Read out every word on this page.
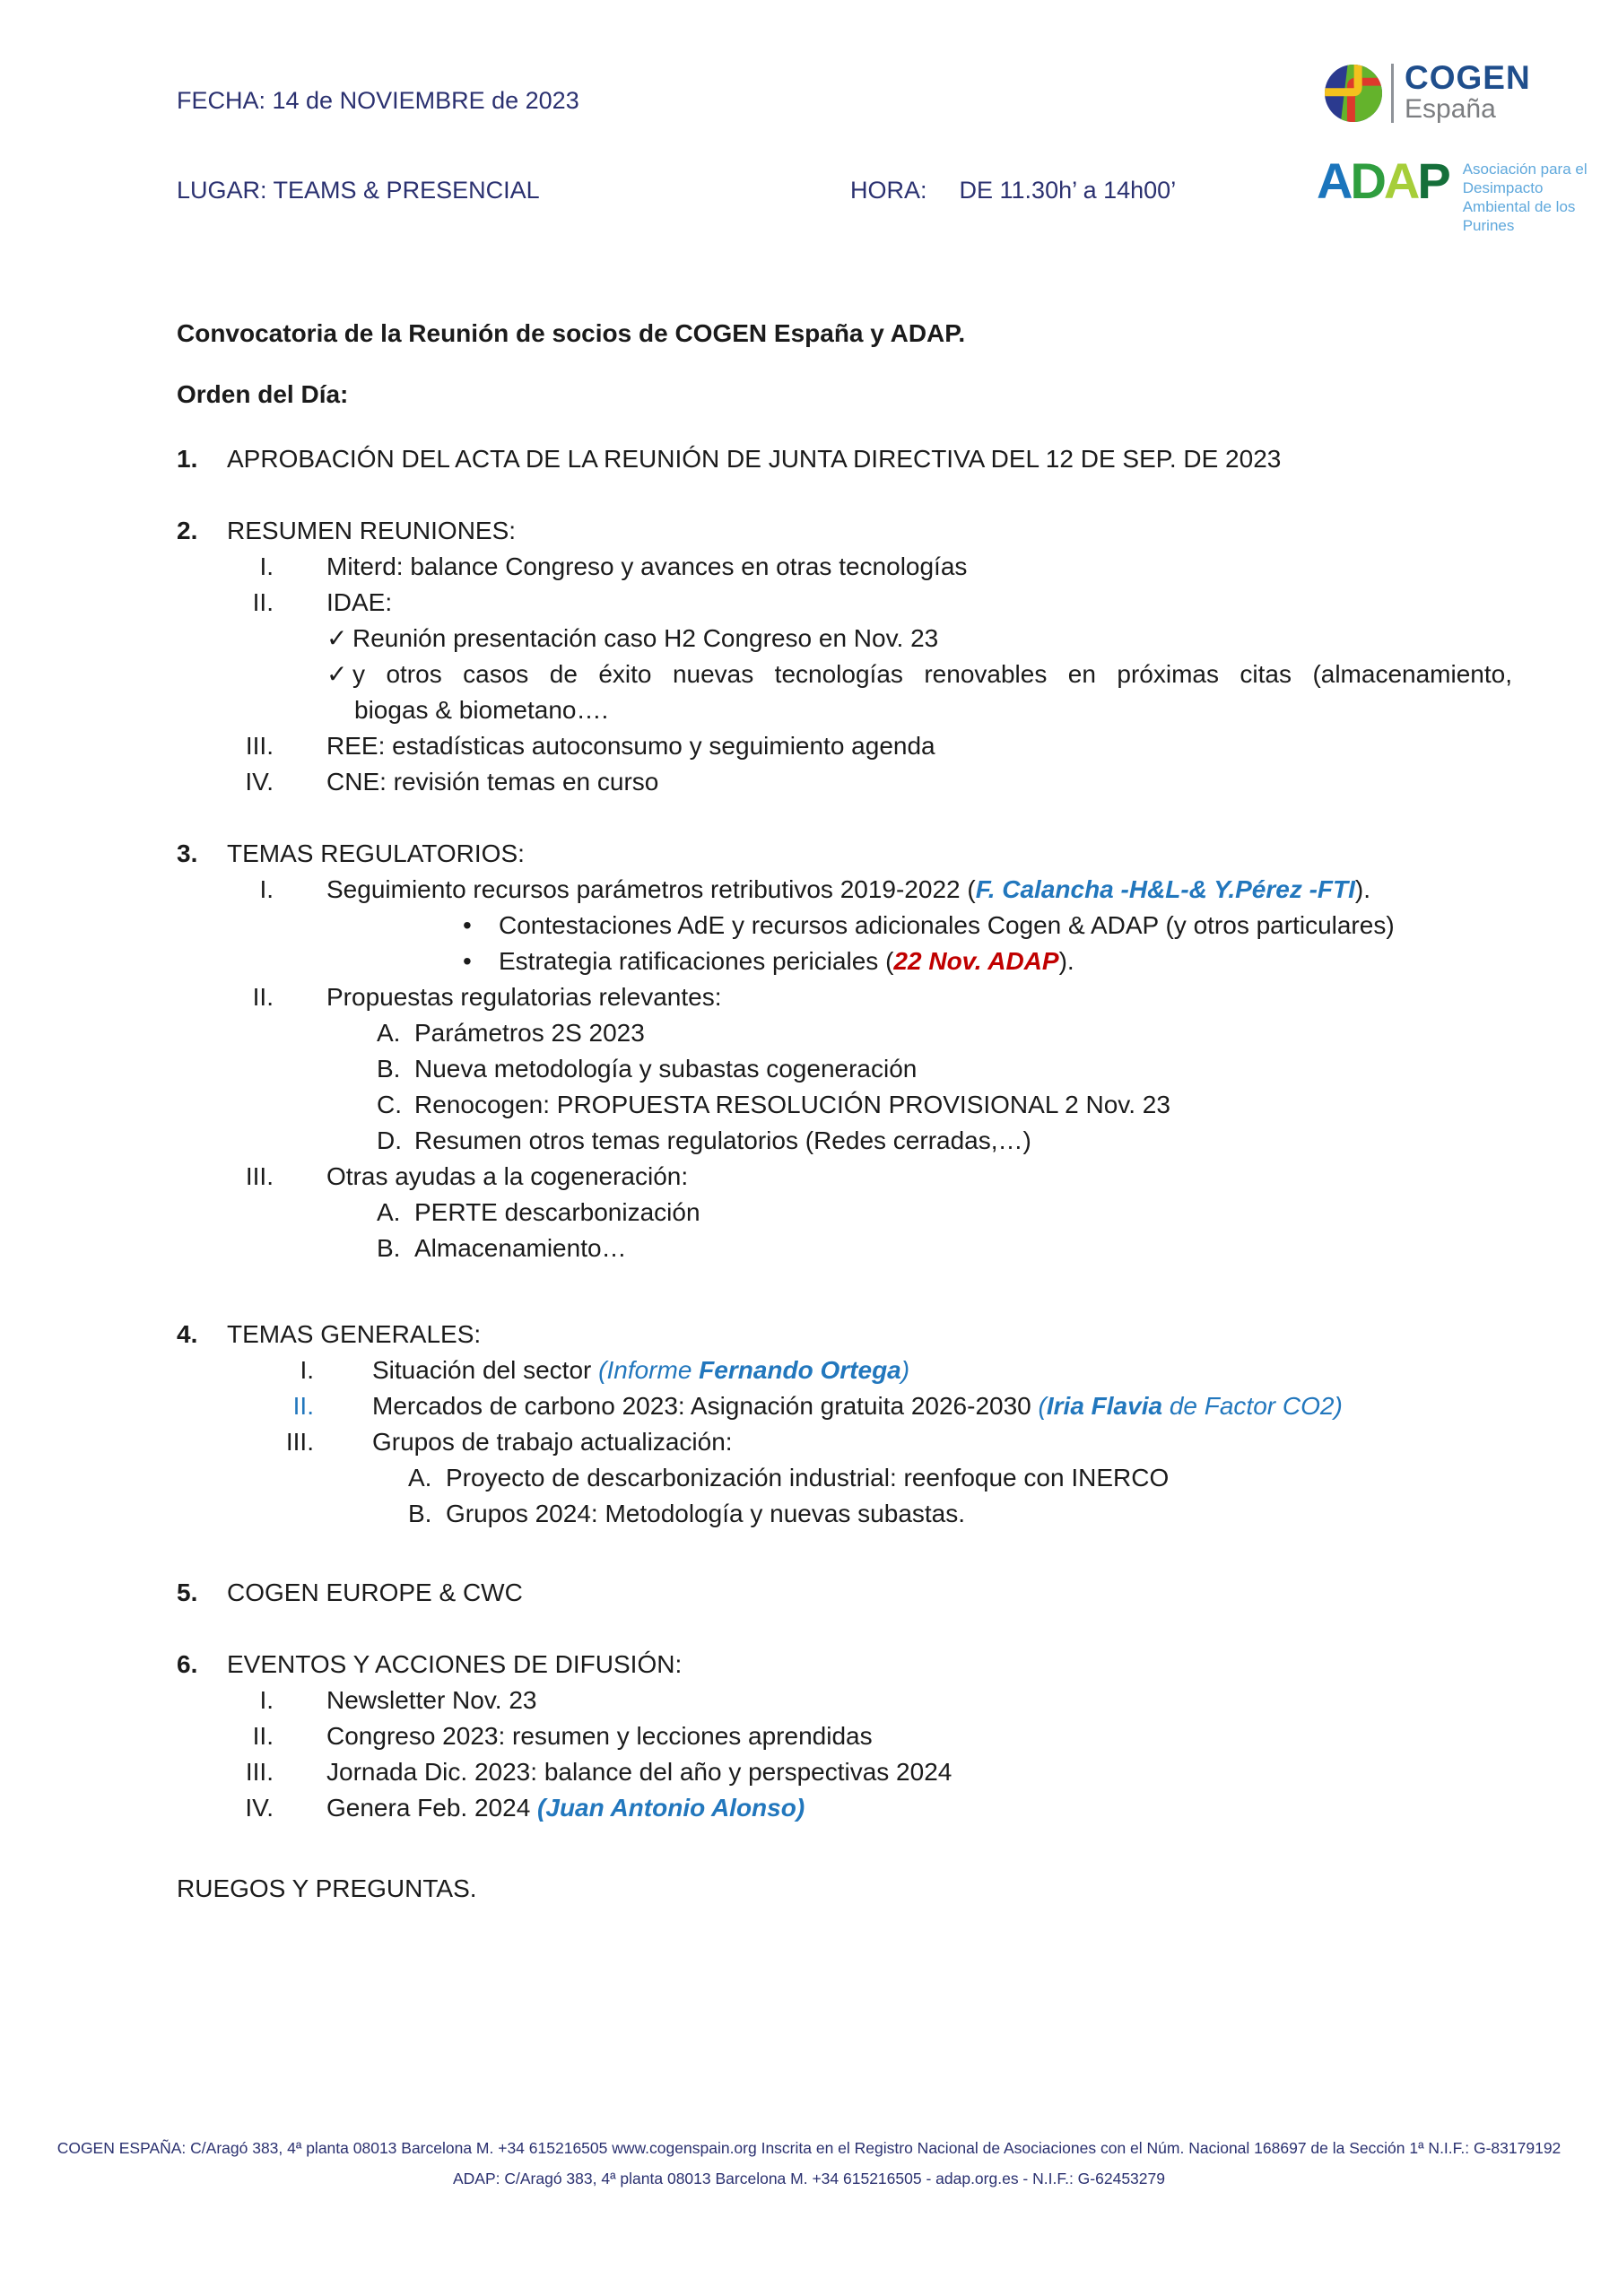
FECHA: 14 de NOVIEMBRE de 2023
LUGAR: TEAMS & PRESENCIAL	HORA: DE 11.30h’ a 14h00’
COGEN
España
ADAP Asociación para el
Desimpacto
Ambiental de los
Purines
Convocatoria de la Reunión de socios de COGEN España y ADAP.
Orden del Día:
1.	APROBACIÓN DEL ACTA DE LA REUNIÓN DE JUNTA DIRECTIVA DEL 12 DE SEP. DE 2023
2.	RESUMEN REUNIONES:
I. Miterd: balance Congreso y avances en otras tecnologías
II. IDAE:
✓ Reunión presentación caso H2 Congreso en Nov. 23
✓ y otros casos de éxito nuevas tecnologías renovables en próximas citas (almacenamiento,
biogas & biometano….
III. REE: estadísticas autoconsumo y seguimiento agenda
IV. CNE: revisión temas en curso
3.	TEMAS REGULATORIOS:
I. Seguimiento recursos parámetros retributivos 2019-2022 (F. Calancha -H&L-& Y.Pérez -FTI).
• Contestaciones AdE y recursos adicionales Cogen & ADAP (y otros particulares)
• Estrategia ratificaciones periciales (22 Nov. ADAP).
II. Propuestas regulatorias relevantes:
A. Parámetros 2S 2023
B. Nueva metodología y subastas cogeneración
C. Renocogen: PROPUESTA RESOLUCIÓN PROVISIONAL 2 Nov. 23
D. Resumen otros temas regulatorios (Redes cerradas,…)
III. Otras ayudas a la cogeneración:
A. PERTE descarbonización
B. Almacenamiento…
4.	TEMAS GENERALES:
I. Situación del sector (Informe Fernando Ortega)
II. Mercados de carbono 2023: Asignación gratuita 2026-2030 (Iria Flavia de Factor CO2)
III. Grupos de trabajo actualización:
A. Proyecto de descarbonización industrial: reenfoque con INERCO
B. Grupos 2024: Metodología y nuevas subastas.
5.	COGEN EUROPE & CWC
6.	EVENTOS Y ACCIONES DE DIFUSIÓN:
I. Newsletter Nov. 23
II. Congreso 2023: resumen y lecciones aprendidas
III. Jornada Dic. 2023: balance del año y perspectivas 2024
IV. Genera Feb. 2024 (Juan Antonio Alonso)
RUEGOS Y PREGUNTAS.
COGEN ESPAÑA: C/Aragó 383, 4ª planta 08013 Barcelona M. +34 615216505 www.cogenspain.org Inscrita en el Registro Nacional de Asociaciones con el Núm. Nacional 168697 de la Sección 1ª N.I.F.: G-83179192
ADAP: C/Aragó 383, 4ª planta 08013 Barcelona M. +34 615216505 - adap.org.es - N.I.F.: G-62453279
